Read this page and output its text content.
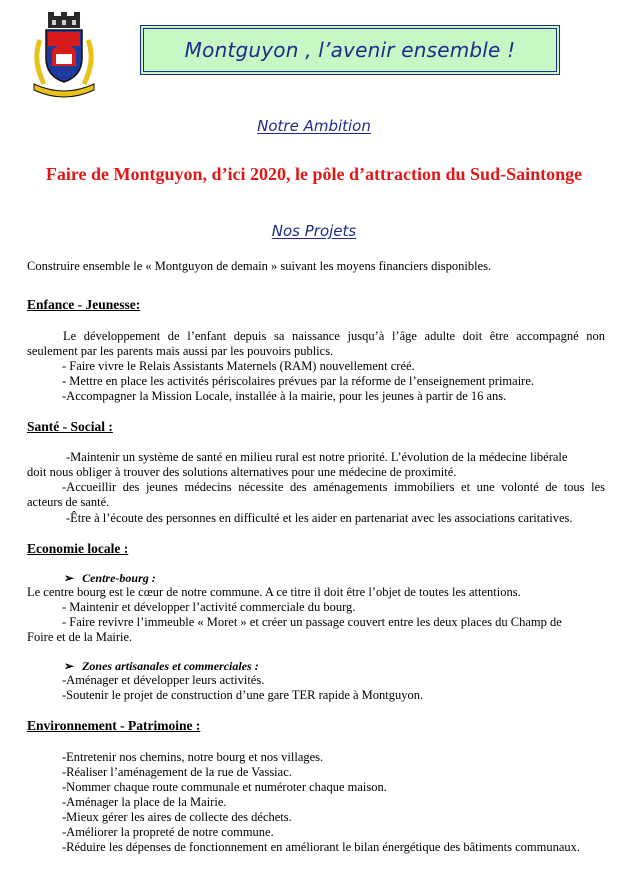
Montguyon , l’avenir ensemble !
Notre Ambition
Faire de Montguyon, d’ici 2020, le pôle d’attraction du Sud-Saintonge
Nos Projets
Construire ensemble le « Montguyon de demain » suivant les moyens financiers disponibles.
Enfance - Jeunesse:
Le développement de l’enfant depuis sa naissance jusqu’à l’âge adulte doit être accompagné non
seulement par les parents mais aussi par les pouvoirs publics.
- Faire vivre le Relais Assistants Maternels (RAM) nouvellement créé.
- Mettre en place les activités périscolaires prévues par la réforme de l’enseignement primaire.
-Accompagner la Mission Locale, installée à la mairie, pour les jeunes à partir de 16 ans.
Santé - Social :
-Maintenir un système de santé en milieu rural est notre priorité. L’évolution de la médecine libérale
doit nous obliger à trouver des solutions alternatives pour une médecine de proximité.
-Accueillir des jeunes médecins nécessite des aménagements immobiliers et une volonté de tous les
acteurs de santé.
-Être à l’écoute des personnes en difficulté et les aider en partenariat avec les associations caritatives.
Economie locale :
➢ Centre-bourg :
Le centre bourg est le cœur de notre commune. A ce titre il doit être l’objet de toutes les attentions.
- Maintenir et développer l’activité commerciale du bourg.
- Faire revivre l’immeuble « Moret » et créer un passage couvert entre les deux places du Champ de
Foire et de la Mairie.
➢ Zones artisanales et commerciales :
-Aménager et développer leurs activités.
-Soutenir le projet de construction d’une gare TER rapide à Montguyon.
Environnement - Patrimoine :
-Entretenir nos chemins, notre bourg et nos villages.
-Réaliser l’aménagement de la rue de Vassiac.
-Nommer chaque route communale et numéroter chaque maison.
-Aménager la place de la Mairie.
-Mieux gérer les aires de collecte des déchets.
-Améliorer la propreté de notre commune.
-Réduire les dépenses de fonctionnement en améliorant le bilan énergétique des bâtiments communaux.
